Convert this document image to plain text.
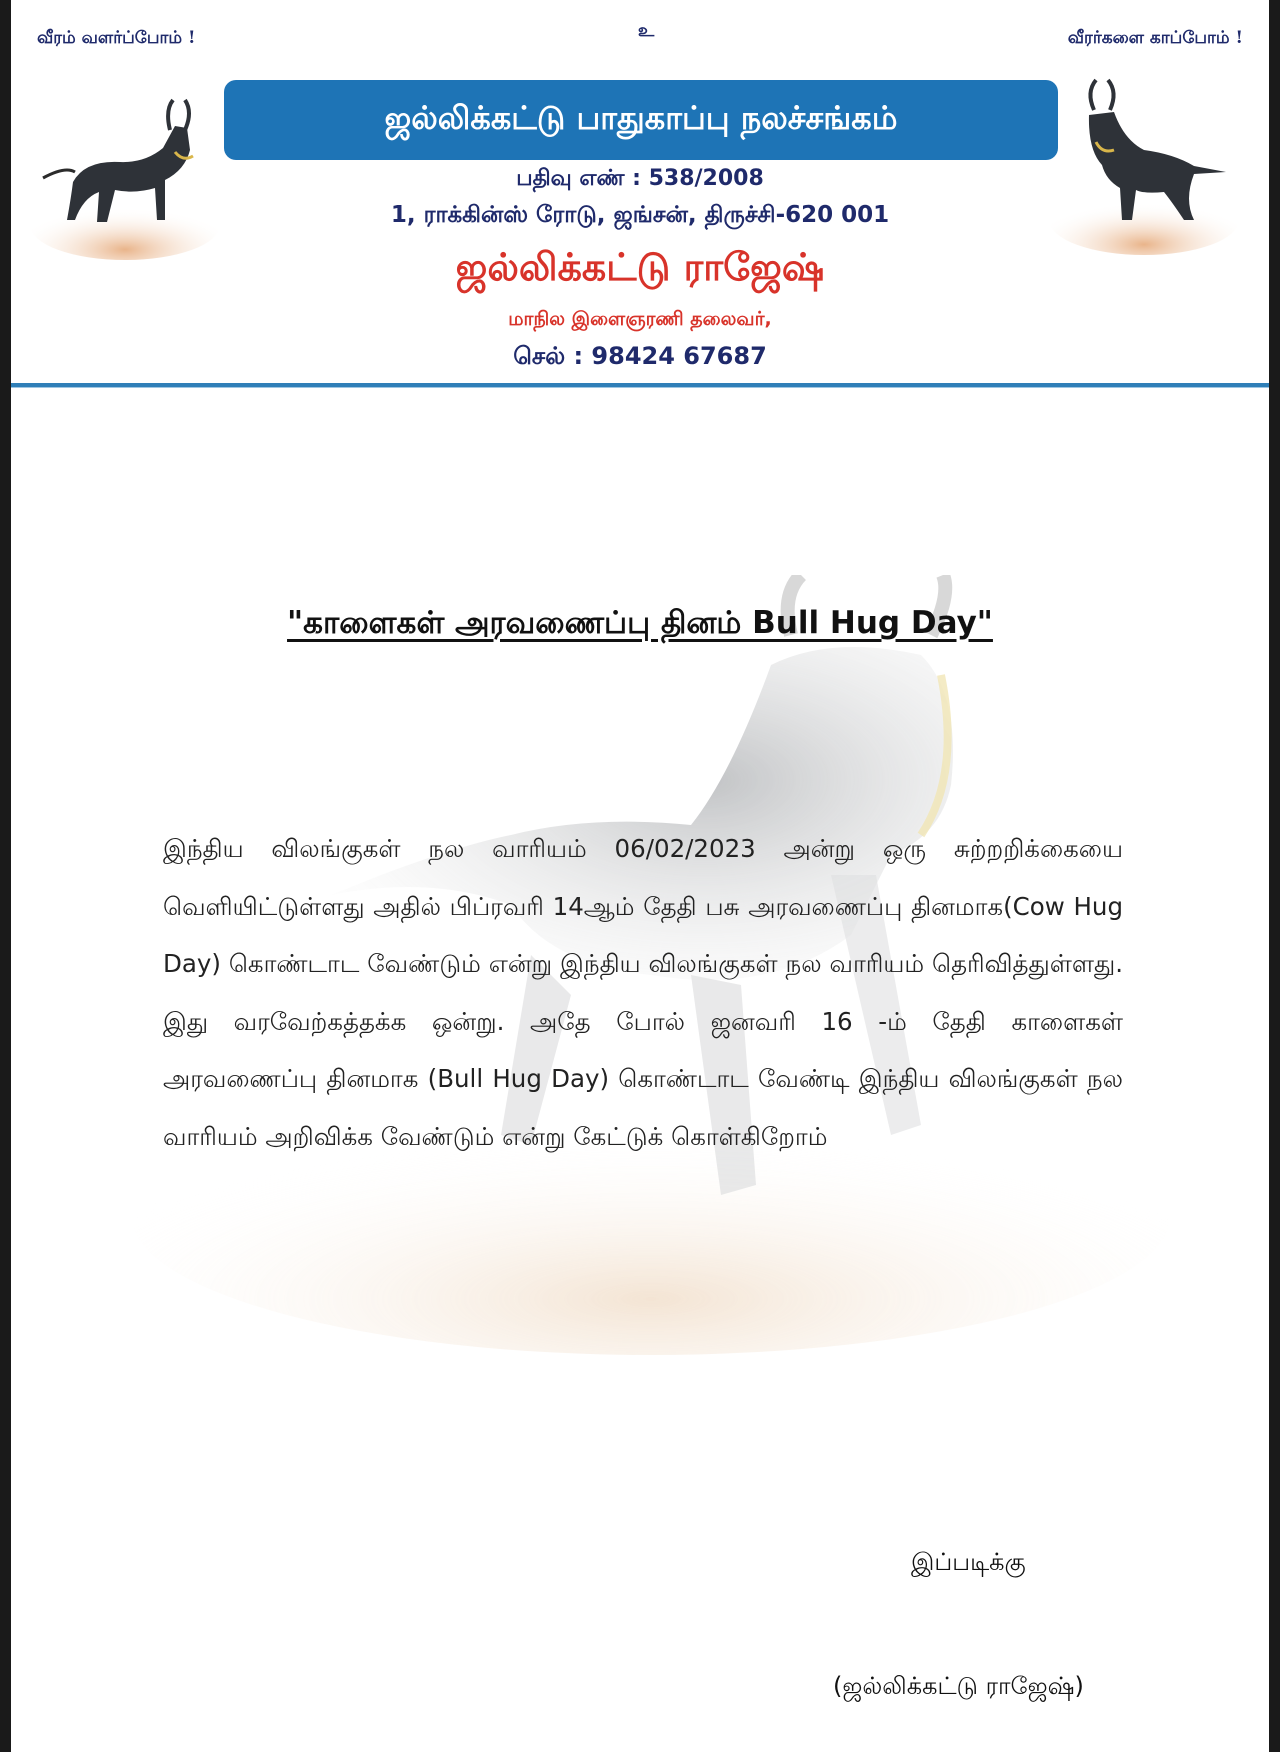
வீரம் வளர்ப்போம் !	உ	வீரர்களை காப்போம் !
ஜல்லிக்கட்டு பாதுகாப்பு நலச்சங்கம்
பதிவு எண் : 538/2008
1, ராக்கின்ஸ் ரோடு, ஜங்சன், திருச்சி-620 001
ஜல்லிக்கட்டு ராஜேஷ்
மாநில இளைஞரணி தலைவர்,
செல் : 98424 67687
"காளைகள் அரவணைப்பு தினம் Bull Hug Day"
இந்திய விலங்குகள் நல வாரியம் 06/02/2023 அன்று ஒரு சுற்றறிக்கையை வெளியிட்டுள்ளது அதில் பிப்ரவரி 14ஆம் தேதி பசு அரவணைப்பு தினமாக(Cow Hug Day) கொண்டாட வேண்டும் என்று இந்திய விலங்குகள் நல வாரியம் தெரிவித்துள்ளது. இது வரவேற்கத்தக்க ஒன்று. அதே போல் ஜனவரி 16 -ம் தேதி காளைகள் அரவணைப்பு தினமாக (Bull Hug Day) கொண்டாட வேண்டி இந்திய விலங்குகள் நல வாரியம் அறிவிக்க வேண்டும் என்று கேட்டுக் கொள்கிறோம்
இப்படிக்கு
(ஜல்லிக்கட்டு ராஜேஷ்)
